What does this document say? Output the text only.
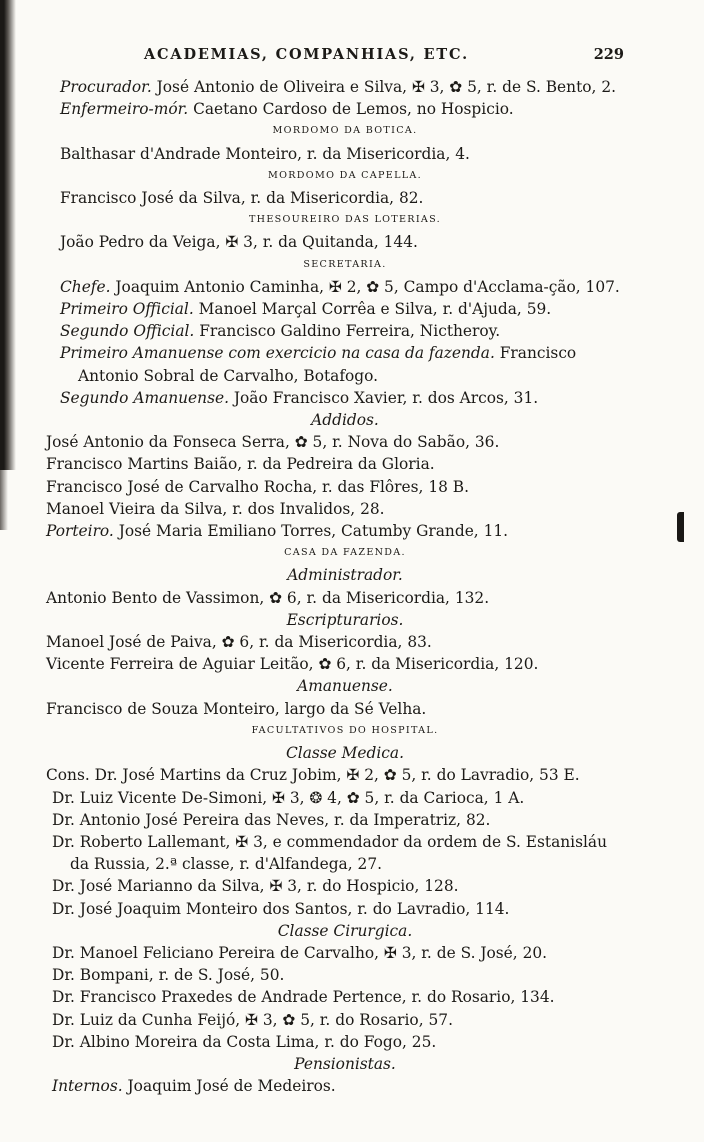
ACADEMIAS, COMPANHIAS, ETC.	229

Procurador. José Antonio de Oliveira e Silva, ✠ 3, ✿ 5, r. de S. Bento, 2.

Enfermeiro-mór. Caetano Cardoso de Lemos, no Hospicio.

MORDOMO DA BOTICA.

Balthasar d'Andrade Monteiro, r. da Misericordia, 4.

MORDOMO DA CAPELLA.

Francisco José da Silva, r. da Misericordia, 82.

THESOUREIRO DAS LOTERIAS.

João Pedro da Veiga, ✠ 3, r. da Quitanda, 144.

SECRETARIA.

Chefe. Joaquim Antonio Caminha, ✠ 2, ✿ 5, Campo d'Acclama-ção, 107.

Primeiro Official. Manoel Marçal Corrêa e Silva, r. d'Ajuda, 59.

Segundo Official. Francisco Galdino Ferreira, Nictheroy.

Primeiro Amanuense com exercicio na casa da fazenda. Francisco Antonio Sobral de Carvalho, Botafogo.

Segundo Amanuense. João Francisco Xavier, r. dos Arcos, 31.

Addidos.

José Antonio da Fonseca Serra, ✿ 5, r. Nova do Sabão, 36.

Francisco Martins Baião, r. da Pedreira da Gloria.

Francisco José de Carvalho Rocha, r. das Flôres, 18 B.

Manoel Vieira da Silva, r. dos Invalidos, 28.

Porteiro. José Maria Emiliano Torres, Catumby Grande, 11.

CASA DA FAZENDA.

Administrador.

Antonio Bento de Vassimon, ✿ 6, r. da Misericordia, 132.

Escripturarios.

Manoel José de Paiva, ✿ 6, r. da Misericordia, 83.

Vicente Ferreira de Aguiar Leitão, ✿ 6, r. da Misericordia, 120.

Amanuense.

Francisco de Souza Monteiro, largo da Sé Velha.

FACULTATIVOS DO HOSPITAL.

Classe Medica.

Cons. Dr. José Martins da Cruz Jobim, ✠ 2, ✿ 5, r. do Lavradio, 53 E.

Dr. Luiz Vicente De-Simoni, ✠ 3, ❂ 4, ✿ 5, r. da Carioca, 1 A.

Dr. Antonio José Pereira das Neves, r. da Imperatriz, 82.

Dr. Roberto Lallemant, ✠ 3, e commendador da ordem de S. Estanisláu da Russia, 2.ª classe, r. d'Alfandega, 27.

Dr. José Marianno da Silva, ✠ 3, r. do Hospicio, 128.

Dr. José Joaquim Monteiro dos Santos, r. do Lavradio, 114.

Classe Cirurgica.

Dr. Manoel Feliciano Pereira de Carvalho, ✠ 3, r. de S. José, 20.

Dr. Bompani, r. de S. José, 50.

Dr. Francisco Praxedes de Andrade Pertence, r. do Rosario, 134.

Dr. Luiz da Cunha Feijó, ✠ 3, ✿ 5, r. do Rosario, 57.

Dr. Albino Moreira da Costa Lima, r. do Fogo, 25.

Pensionistas.

Internos. Joaquim José de Medeiros.
